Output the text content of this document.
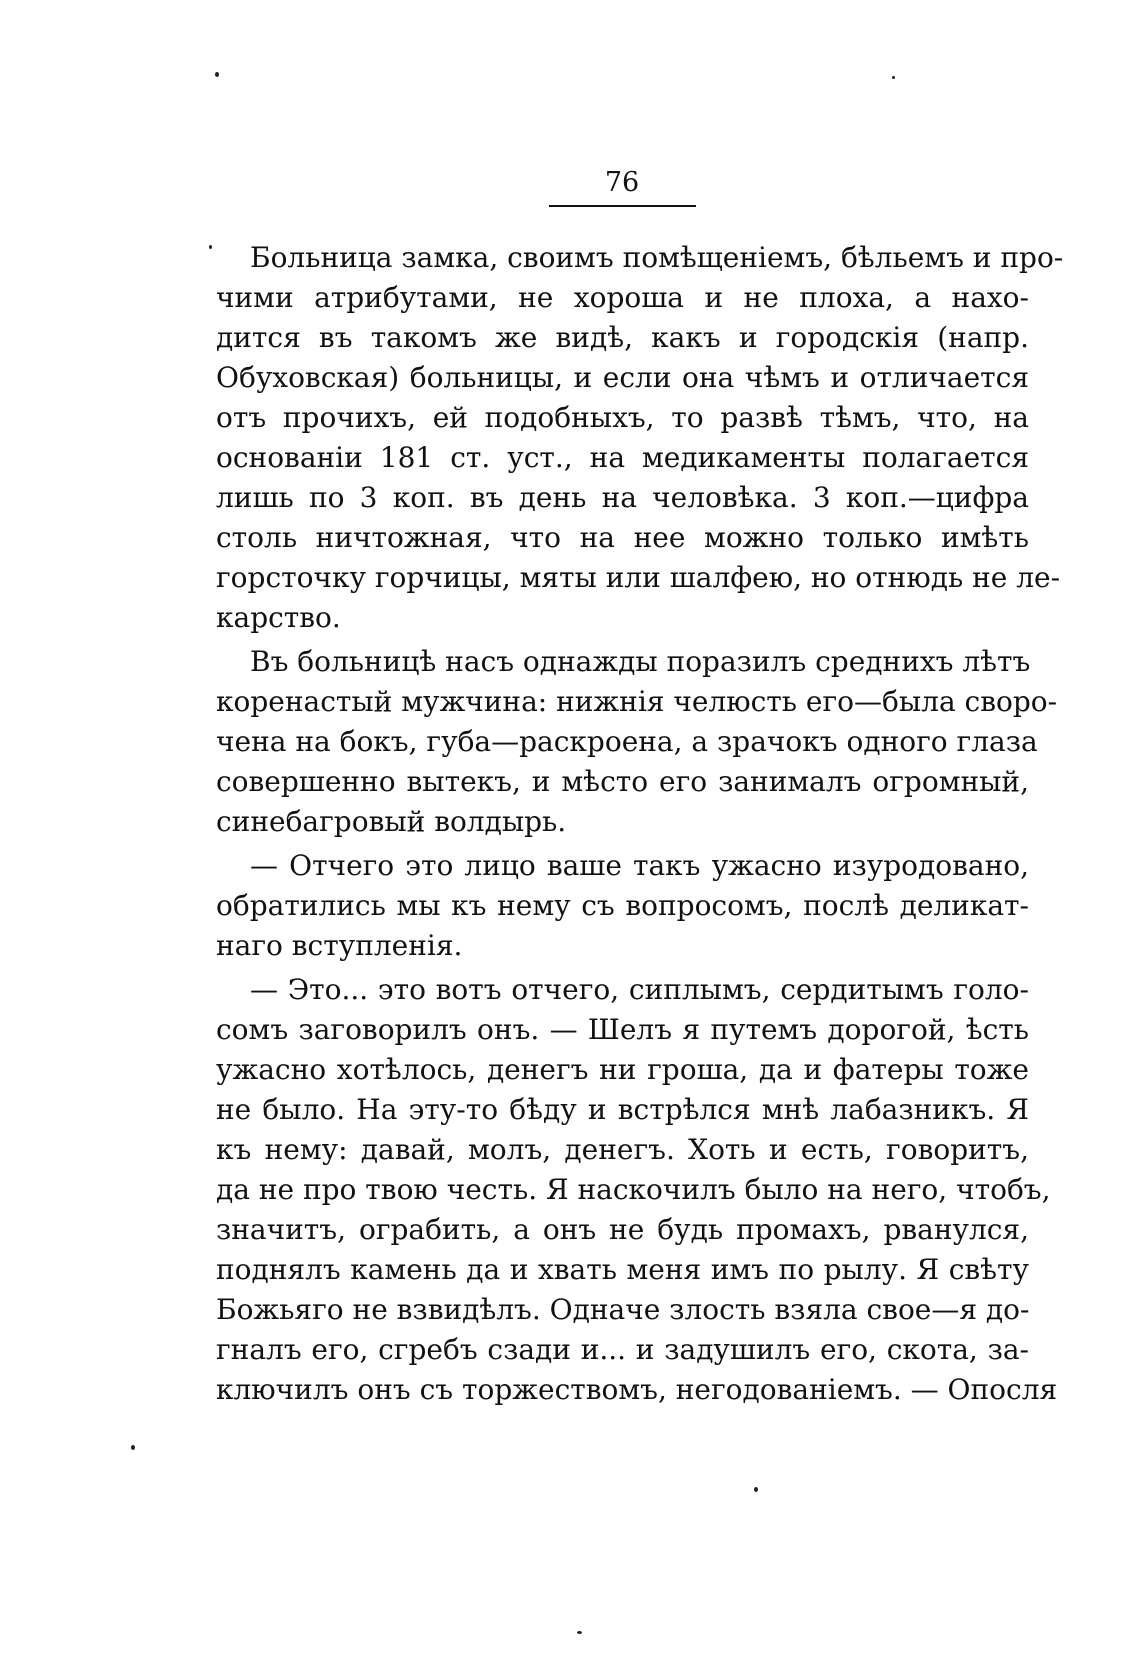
76
Больница замка, своимъ помѣщеніемъ, бѣльемъ и про-
чими атрибутами, не хороша и не плоха, а нахо-
дится въ такомъ же видѣ, какъ и городскія (напр.
Обуховская) больницы, и если она чѣмъ и отличается
отъ прочихъ, ей подобныхъ, то развѣ тѣмъ, что, на
основаніи 181 ст. уст., на медикаменты полагается
лишь по 3 коп. въ день на человѣка. 3 коп.—цифра
столь ничтожная, что на нее можно только имѣть
горсточку горчицы, мяты или шалфею, но отнюдь не ле-
карство.
Въ больницѣ насъ однажды поразилъ среднихъ лѣтъ
коренастый мужчина: нижнія челюсть его—была своро-
чена на бокъ, губа—раскроена, а зрачокъ одного глаза
совершенно вытекъ, и мѣсто его занималъ огромный,
синебагровый волдырь.
— Отчего это лицо ваше такъ ужасно изуродовано,
обратились мы къ нему съ вопросомъ, послѣ деликат-
наго вступленія.
— Это... это вотъ отчего, сиплымъ, сердитымъ голо-
сомъ заговорилъ онъ. — Шелъ я путемъ дорогой, ѣсть
ужасно хотѣлось, денегъ ни гроша, да и фатеры тоже
не было. На эту-то бѣду и встрѣлся мнѣ лабазникъ. Я
къ нему: давай, молъ, денегъ. Хоть и есть, говоритъ,
да не про твою честь. Я наскочилъ было на него, чтобъ,
значитъ, ограбить, а онъ не будь промахъ, рванулся,
поднялъ камень да и хвать меня имъ по рылу. Я свѣту
Божьяго не взвидѣлъ. Одначе злость взяла свое—я до-
гналъ его, сгребъ сзади и... и задушилъ его, скота, за-
ключилъ онъ съ торжествомъ, негодованіемъ. — Опосля
